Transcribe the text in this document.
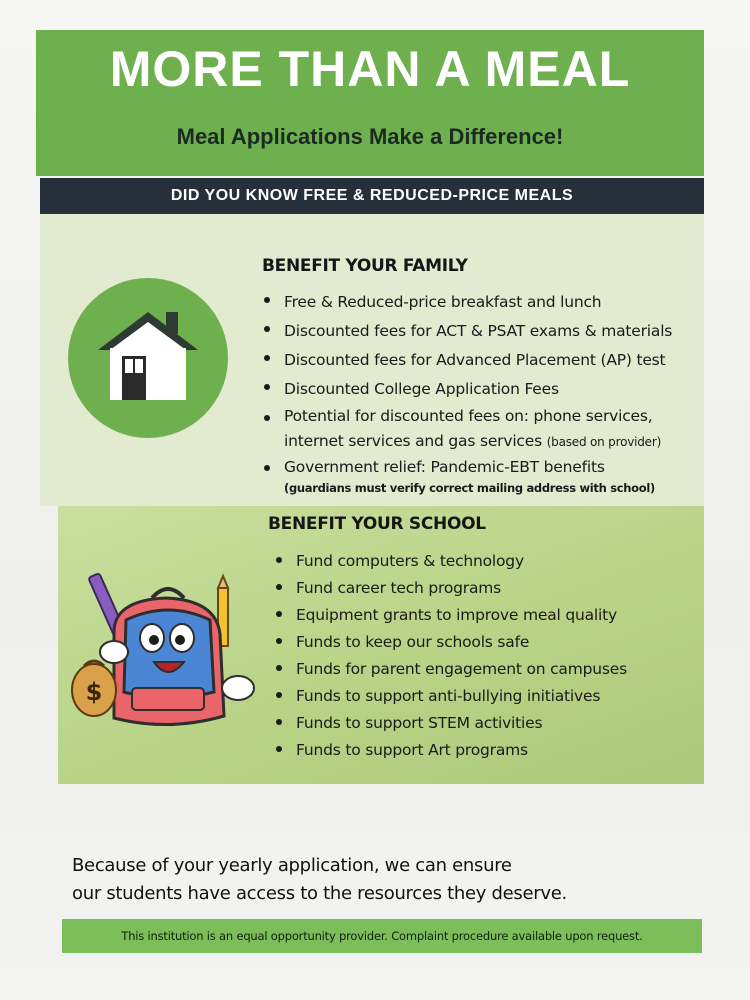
MORE THAN A MEAL
Meal Applications Make a Difference!
DID YOU KNOW FREE & REDUCED-PRICE MEALS
BENEFIT YOUR FAMILY
Free & Reduced-price breakfast and lunch
Discounted fees for ACT & PSAT exams & materials
Discounted fees for Advanced Placement (AP) test
Discounted College Application Fees
Potential for discounted fees on: phone services,
internet services and gas services (based on provider)
Government relief: Pandemic-EBT benefits
(guardians must verify correct mailing address with school)
BENEFIT YOUR SCHOOL
$
Fund computers & technology
Fund career tech programs
Equipment grants to improve meal quality
Funds to keep our schools safe
Funds for parent engagement on campuses
Funds to support anti-bullying initiatives
Funds to support STEM activities
Funds to support Art programs
Because of your yearly application, we can ensure
our students have access to the resources they deserve.
This institution is an equal opportunity provider. Complaint procedure available upon request.
